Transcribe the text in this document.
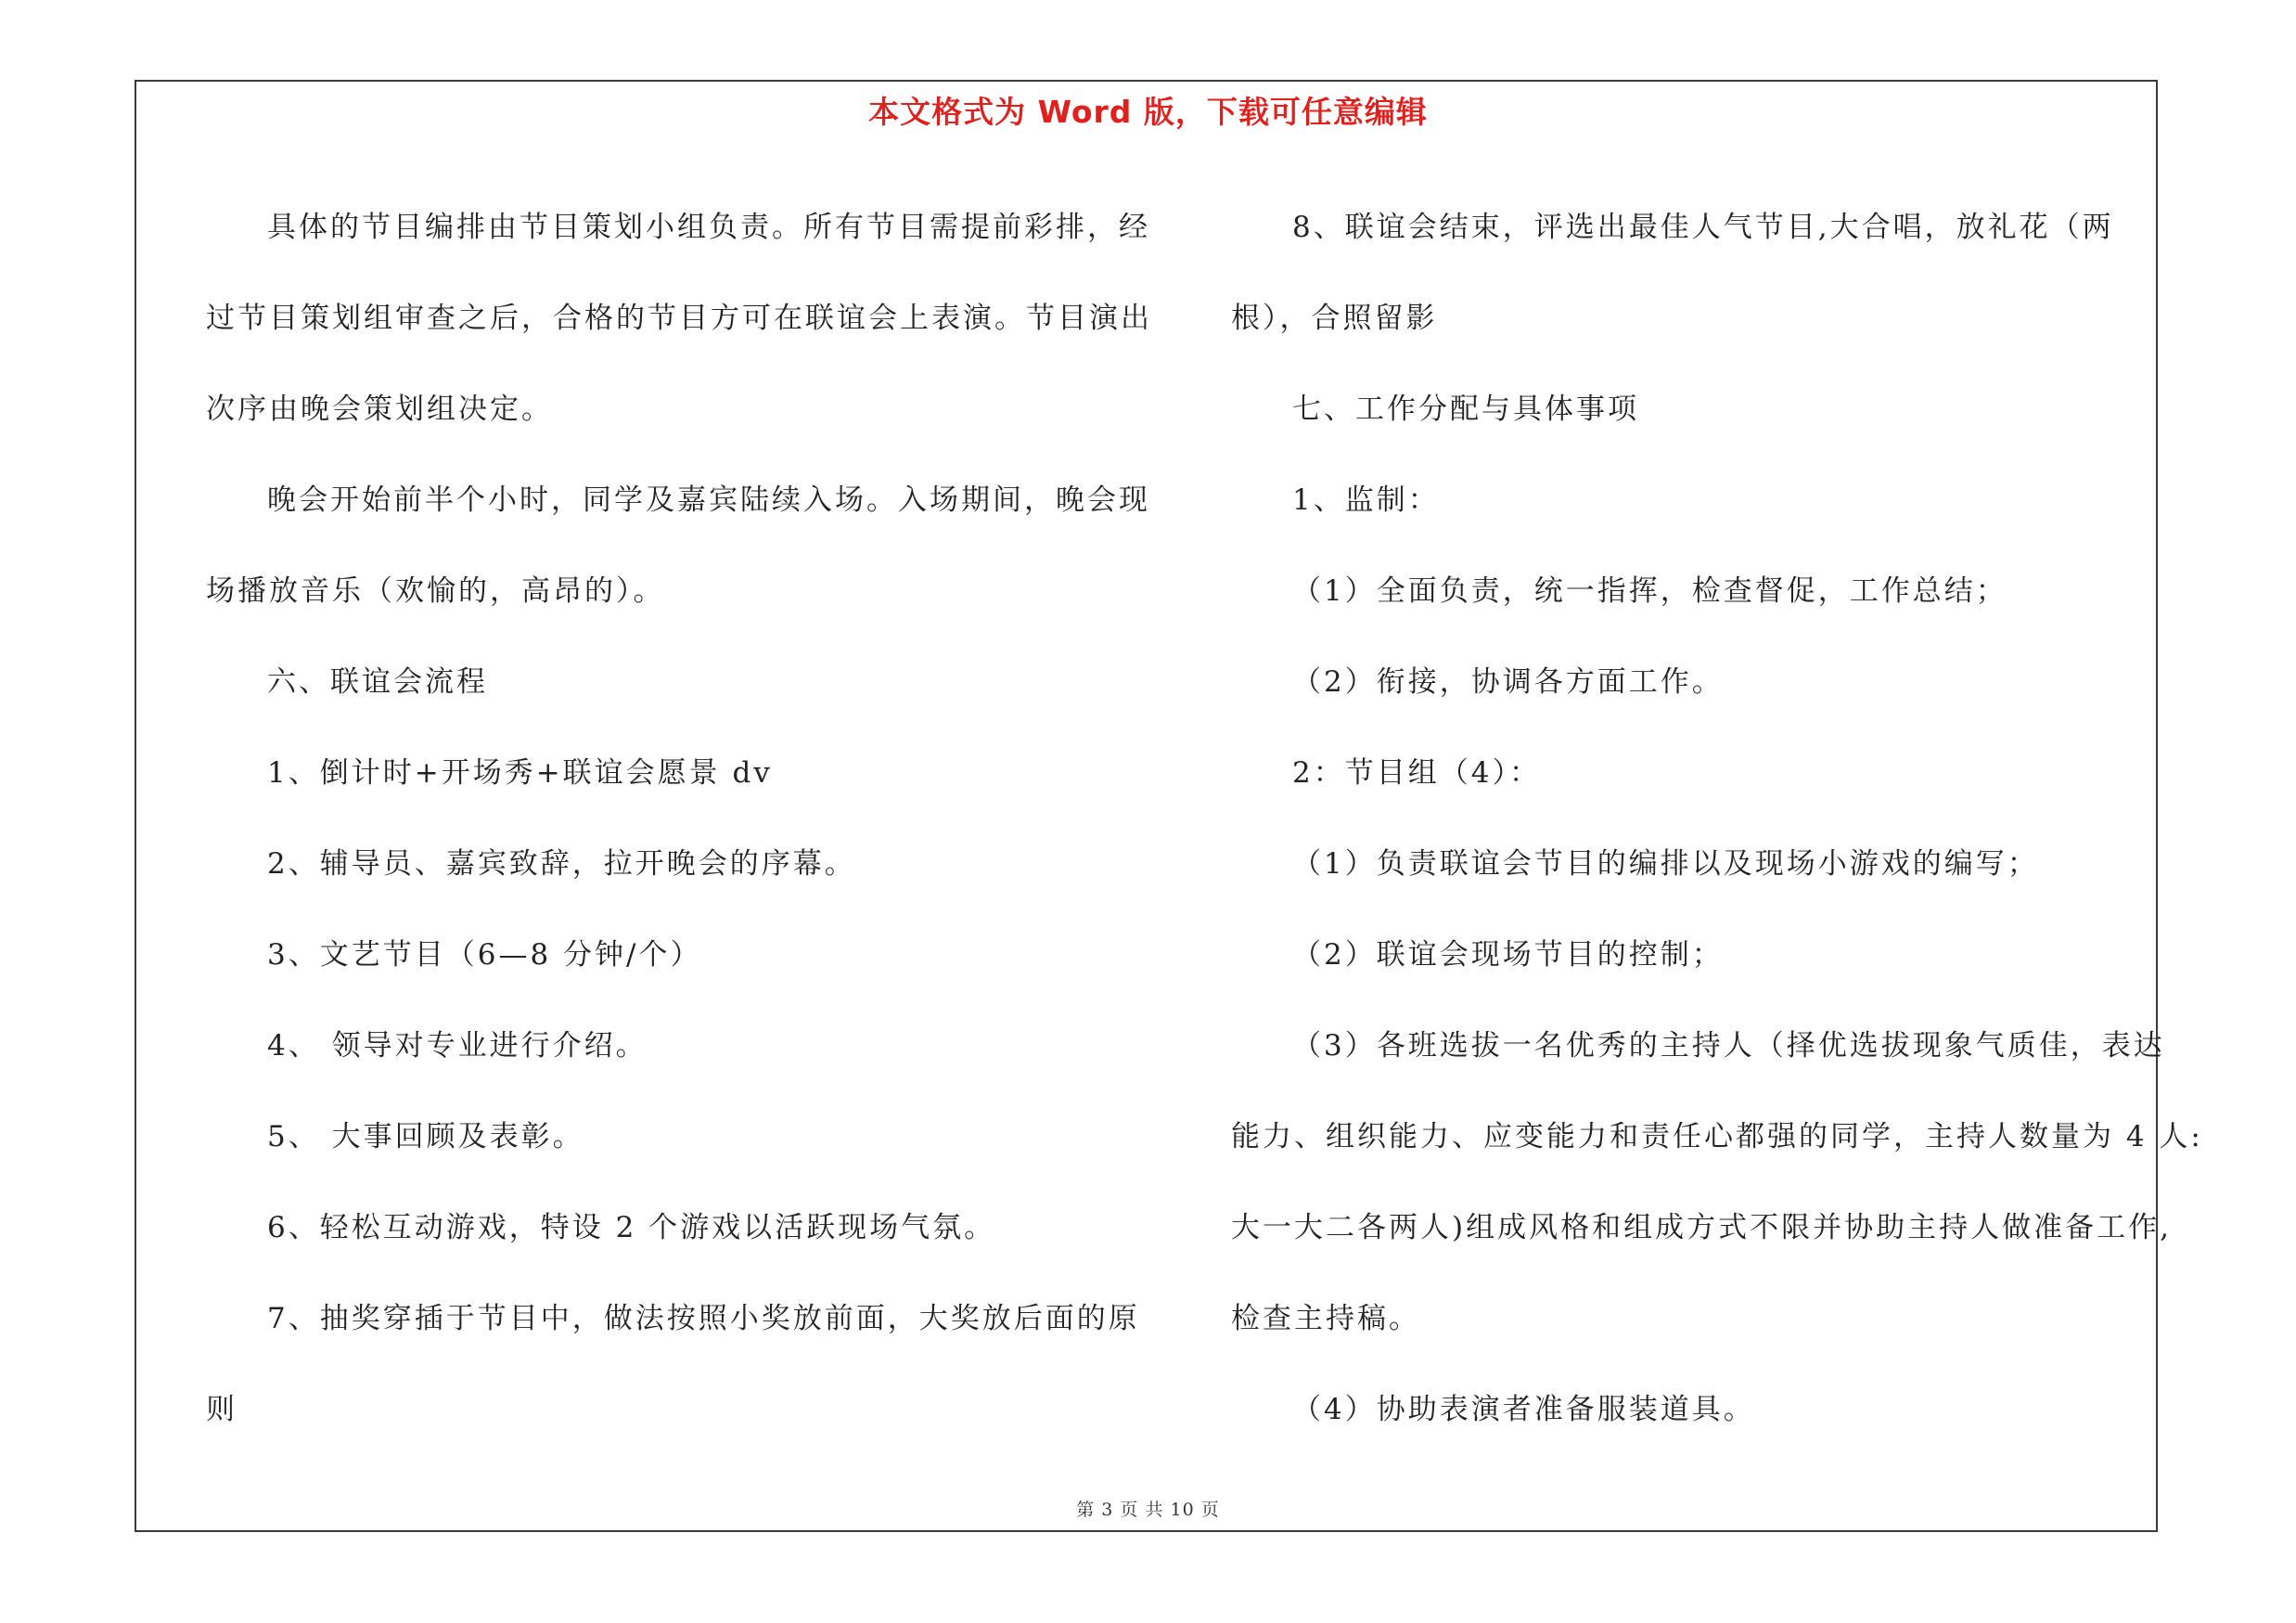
本文格式为 Word 版，下载可任意编辑
具体的节目编排由节目策划小组负责。所有节目需提前彩排，经
过节目策划组审查之后，合格的节目方可在联谊会上表演。节目演出
次序由晚会策划组决定。
晚会开始前半个小时，同学及嘉宾陆续入场。入场期间，晚会现
场播放音乐（欢愉的，高昂的）。
六、联谊会流程
1、倒计时+开场秀+联谊会愿景 dv
2、辅导员、嘉宾致辞，拉开晚会的序幕。
3、文艺节目（6—8 分钟/个）
4、 领导对专业进行介绍。
5、 大事回顾及表彰。
6、轻松互动游戏，特设 2 个游戏以活跃现场气氛。
7、抽奖穿插于节目中，做法按照小奖放前面，大奖放后面的原
则
8、联谊会结束，评选出最佳人气节目,大合唱，放礼花（两
根），合照留影
七、工作分配与具体事项
1、监制：
（1）全面负责，统一指挥，检查督促，工作总结；
（2）衔接，协调各方面工作。
2：节目组（4）：
（1）负责联谊会节目的编排以及现场小游戏的编写；
（2）联谊会现场节目的控制；
（3）各班选拔一名优秀的主持人（择优选拔现象气质佳，表达
能力、组织能力、应变能力和责任心都强的同学，主持人数量为 4 人:
大一大二各两人)组成风格和组成方式不限并协助主持人做准备工作,
检查主持稿。
（4）协助表演者准备服装道具。
第 3 页 共 10 页
